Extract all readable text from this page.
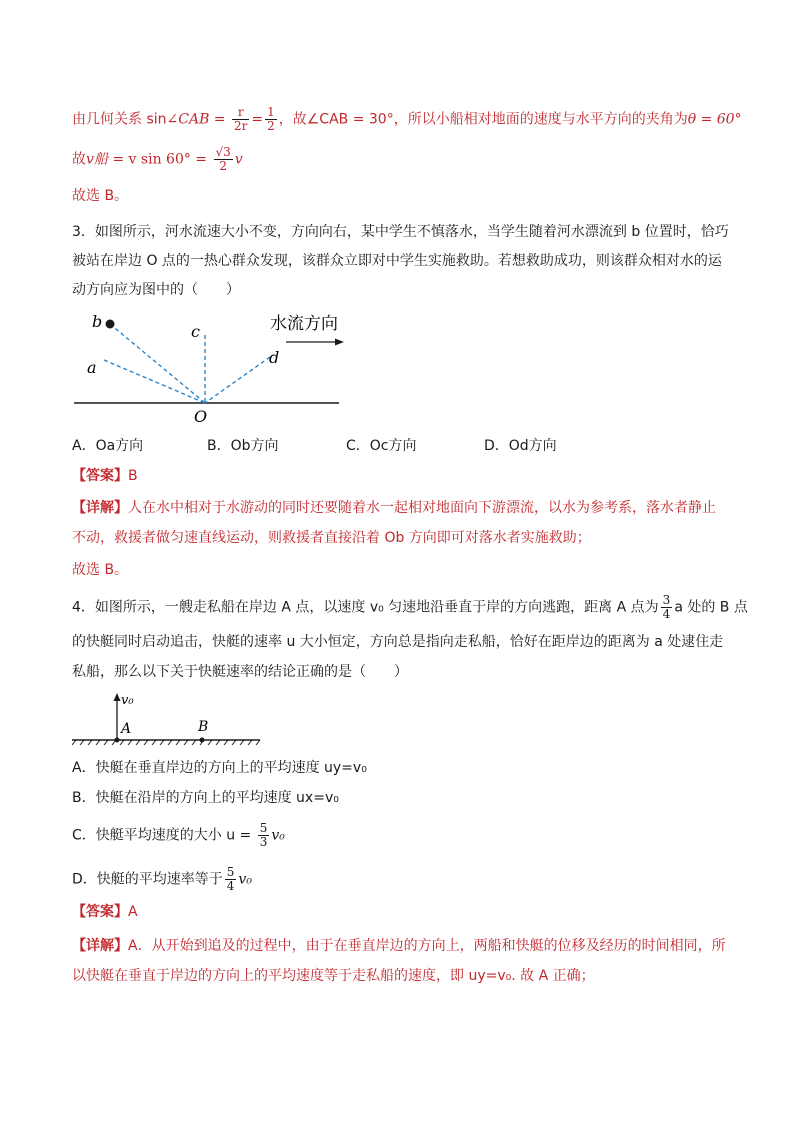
由几何关系 sin∠CAB = $\frac{r}{2r} = \frac{1}{2}$ ，故∠CAB = 30°，所以小船相对地面的速度与水平方向的夹角为θ = 60°
故v船 = v $\sin 60^\circ = \frac{√3}{2}$ v
故选 B。
3．如图所示，河水流速大小不变，方向向右，某中学生不慎落水，当学生随着河水漂流到 b 位置时，恰巧
被站在岸边 O 点的一热心群众发现，该群众立即对中学生实施救助。若想救助成功，则该群众相对水的运
动方向应为图中的（　　）
b
a
c
d
O
水流方向
A．Oa方向	B．Ob方向	C．Oc方向	D．Od方向
【答案】B
【详解】人在水中相对于水游动的同时还要随着水一起相对地面向下游漂流，以水为参考系，落水者静止
不动，救援者做匀速直线运动，则救援者直接沿着 Ob 方向即可对落水者实施救助；
故选 B。
4．如图所示，一艘走私船在岸边 A 点，以速度 v₀ 匀速地沿垂直于岸的方向逃跑，距离 A 点为 $\frac{3}{4}$ a 处的 B 点
的快艇同时启动追击，快艇的速率 u 大小恒定，方向总是指向走私船，恰好在距岸边的距离为 a 处逮住走
私船，那么以下关于快艇速率的结论正确的是（　　）
v₀
A	B
A．快艇在垂直岸边的方向上的平均速度 uy=v₀
B．快艇在沿岸的方向上的平均速度 ux=v₀
C．快艇平均速度的大小 $u = \frac{5}{3} v_0$
D．快艇的平均速率等于 $\frac{5}{4} v_0$
【答案】A
【详解】A．从开始到追及的过程中，由于在垂直岸边的方向上，两船和快艇的位移及经历的时间相同，所
以快艇在垂直于岸边的方向上的平均速度等于走私船的速度，即 uy=v₀. 故 A 正确；
